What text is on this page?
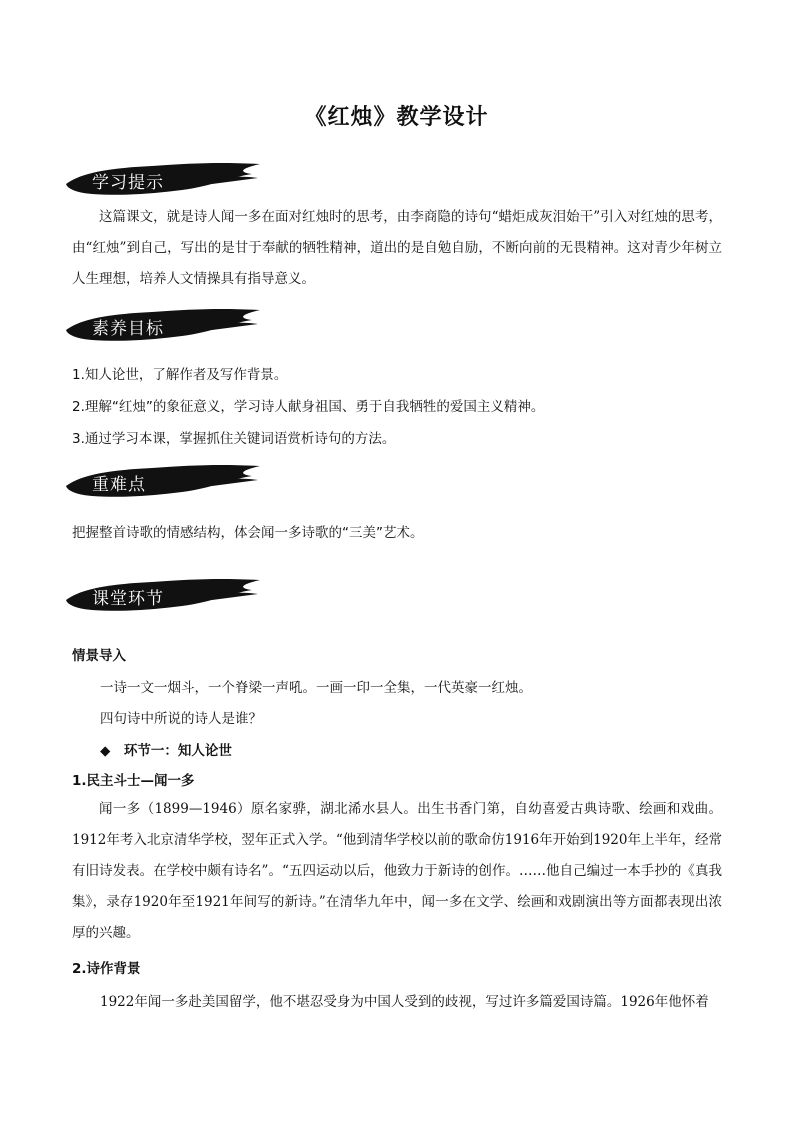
《红烛》教学设计
学习提示

这篇课文，就是诗人闻一多在面对红烛时的思考，由李商隐的诗句“蜡炬成灰泪始干”引入对红烛的思考，由“红烛”到自己，写出的是甘于奉献的牺牲精神，道出的是自勉自励，不断向前的无畏精神。这对青少年树立人生理想，培养人文情操具有指导意义。

素养目标
1.知人论世，了解作者及写作背景。
2.理解“红烛”的象征意义，学习诗人献身祖国、勇于自我牺牲的爱国主义精神。
3.通过学习本课，掌握抓住关键词语赏析诗句的方法。
重难点
把握整首诗歌的情感结构，体会闻一多诗歌的“三美”艺术。
课堂环节
情景导入
一诗一文一烟斗，一个脊梁一声吼。一画一印一全集，一代英豪一红烛。
四句诗中所说的诗人是谁？
◆　环节一：知人论世
1.民主斗士—闻一多

闻一多（1899—1946）原名家骅，湖北浠水县人。出生书香门第，自幼喜爱古典诗歌、绘画和戏曲。1912年考入北京清华学校，翌年正式入学。“他到清华学校以前的歌命仿1916年开始到1920年上半年，经常有旧诗发表。在学校中颇有诗名”。“五四运动以后，他致力于新诗的创作。……他自己编过一本手抄的《真我集》，录存1920年至1921年间写的新诗。”在清华九年中，闻一多在文学、绘画和戏剧演出等方面都表现出浓厚的兴趣。

2.诗作背景
1922年闻一多赴美国留学，他不堪忍受身为中国人受到的歧视，写过许多篇爱国诗篇。1926年他怀着
